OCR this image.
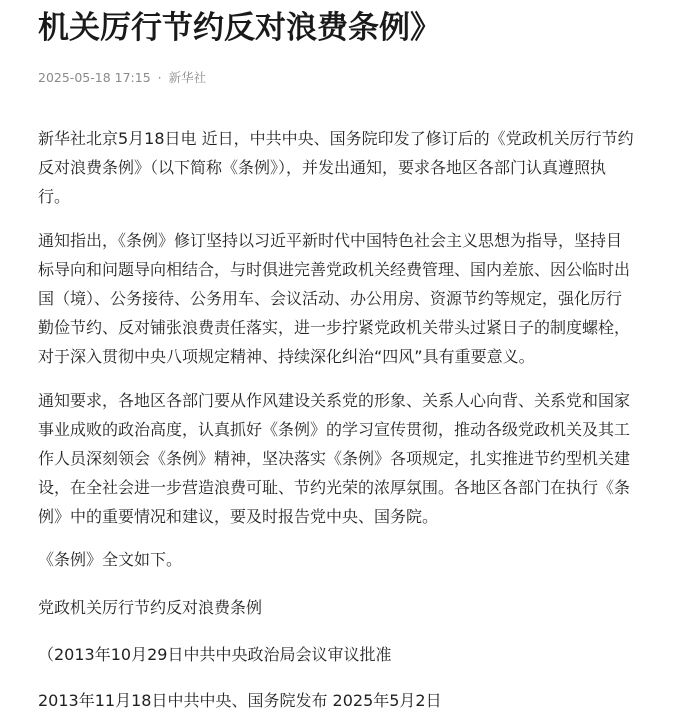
机关厉行节约反对浪费条例》
2025-05-18 17:15 · 新华社

新华社北京5月18日电 近日，中共中央、国务院印发了修订后的《党政机关厉行节约
反对浪费条例》（以下简称《条例》），并发出通知，要求各地区各部门认真遵照执
行。

通知指出，《条例》修订坚持以习近平新时代中国特色社会主义思想为指导，坚持目
标导向和问题导向相结合，与时俱进完善党政机关经费管理、国内差旅、因公临时出
国（境）、公务接待、公务用车、会议活动、办公用房、资源节约等规定，强化厉行
勤俭节约、反对铺张浪费责任落实，进一步拧紧党政机关带头过紧日子的制度螺栓，
对于深入贯彻中央八项规定精神、持续深化纠治“四风”具有重要意义。

通知要求，各地区各部门要从作风建设关系党的形象、关系人心向背、关系党和国家
事业成败的政治高度，认真抓好《条例》的学习宣传贯彻，推动各级党政机关及其工
作人员深刻领会《条例》精神，坚决落实《条例》各项规定，扎实推进节约型机关建
设，在全社会进一步营造浪费可耻、节约光荣的浓厚氛围。各地区各部门在执行《条
例》中的重要情况和建议，要及时报告党中央、国务院。

《条例》全文如下。

党政机关厉行节约反对浪费条例

（2013年10月29日中共中央政治局会议审议批准

2013年11月18日中共中央、国务院发布 2025年5月2日
